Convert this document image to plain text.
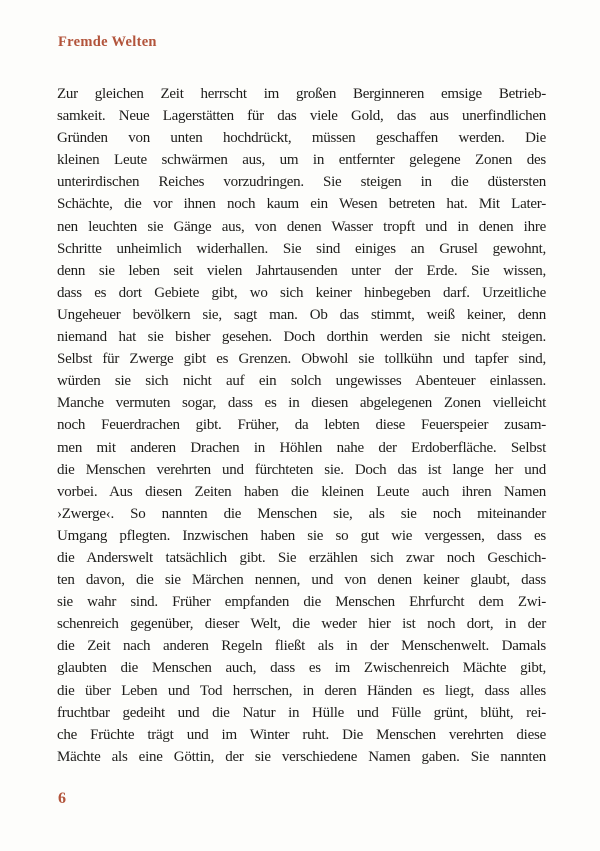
Fremde Welten
Zur gleichen Zeit herrscht im großen Berginneren emsige Betrieb-
samkeit. Neue Lagerstätten für das viele Gold, das aus unerfindlichen
Gründen von unten hochdrückt, müssen geschaffen werden. Die
kleinen Leute schwärmen aus, um in entfernter gelegene Zonen des
unterirdischen Reiches vorzudringen. Sie steigen in die düstersten
Schächte, die vor ihnen noch kaum ein Wesen betreten hat. Mit Later-
nen leuchten sie Gänge aus, von denen Wasser tropft und in denen ihre
Schritte unheimlich widerhallen. Sie sind einiges an Grusel gewohnt,
denn sie leben seit vielen Jahrtausenden unter der Erde. Sie wissen,
dass es dort Gebiete gibt, wo sich keiner hinbegeben darf. Urzeitliche
Ungeheuer bevölkern sie, sagt man. Ob das stimmt, weiß keiner, denn
niemand hat sie bisher gesehen. Doch dorthin werden sie nicht steigen.
Selbst für Zwerge gibt es Grenzen. Obwohl sie tollkühn und tapfer sind,
würden sie sich nicht auf ein solch ungewisses Abenteuer einlassen.
Manche vermuten sogar, dass es in diesen abgelegenen Zonen vielleicht
noch Feuerdrachen gibt. Früher, da lebten diese Feuerspeier zusam-
men mit anderen Drachen in Höhlen nahe der Erdoberfläche. Selbst
die Menschen verehrten und fürchteten sie. Doch das ist lange her und
vorbei. Aus diesen Zeiten haben die kleinen Leute auch ihren Namen
›Zwerge‹. So nannten die Menschen sie, als sie noch miteinander
Umgang pflegten. Inzwischen haben sie so gut wie vergessen, dass es
die Anderswelt tatsächlich gibt. Sie erzählen sich zwar noch Geschich-
ten davon, die sie Märchen nennen, und von denen keiner glaubt, dass
sie wahr sind. Früher empfanden die Menschen Ehrfurcht dem Zwi-
schenreich gegenüber, dieser Welt, die weder hier ist noch dort, in der
die Zeit nach anderen Regeln fließt als in der Menschenwelt. Damals
glaubten die Menschen auch, dass es im Zwischenreich Mächte gibt,
die über Leben und Tod herrschen, in deren Händen es liegt, dass alles
fruchtbar gedeiht und die Natur in Hülle und Fülle grünt, blüht, rei-
che Früchte trägt und im Winter ruht. Die Menschen verehrten diese
Mächte als eine Göttin, der sie verschiedene Namen gaben. Sie nannten
6
